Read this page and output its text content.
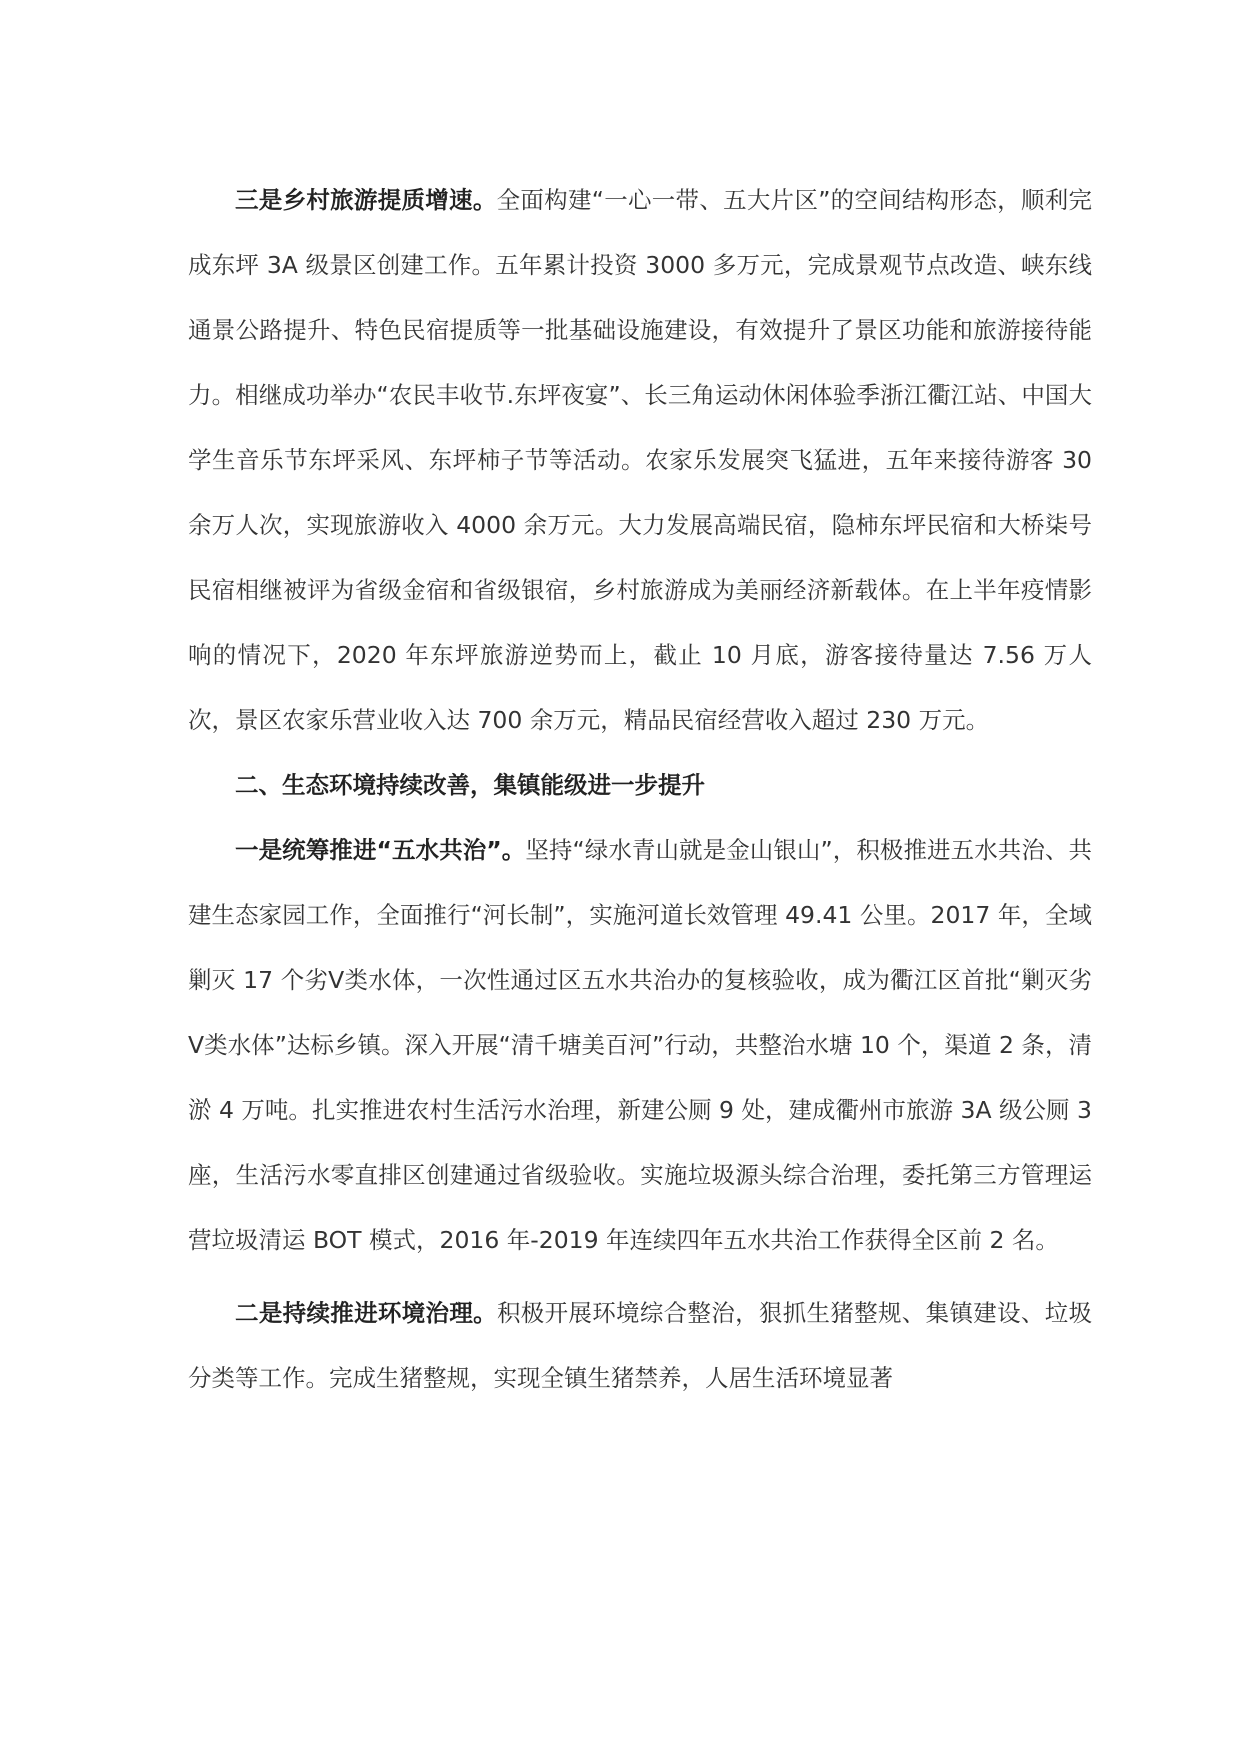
三是乡村旅游提质增速。全面构建“一心一带、五大片区”的空间结构形态，顺利完成东坪 3A 级景区创建工作。五年累计投资 3000 多万元，完成景观节点改造、峡东线通景公路提升、特色民宿提质等一批基础设施建设，有效提升了景区功能和旅游接待能力。相继成功举办“农民丰收节.东坪夜宴”、长三角运动休闲体验季浙江衢江站、中国大学生音乐节东坪采风、东坪柿子节等活动。农家乐发展突飞猛进，五年来接待游客 30 余万人次，实现旅游收入 4000 余万元。大力发展高端民宿，隐柿东坪民宿和大桥柒号民宿相继被评为省级金宿和省级银宿，乡村旅游成为美丽经济新载体。在上半年疫情影响的情况下，2020 年东坪旅游逆势而上，截止 10 月底，游客接待量达 7.56 万人次，景区农家乐营业收入达 700 余万元，精品民宿经营收入超过 230 万元。

二、生态环境持续改善，集镇能级进一步提升

一是统筹推进“五水共治”。坚持“绿水青山就是金山银山”，积极推进五水共治、共建生态家园工作，全面推行“河长制”，实施河道长效管理 49.41 公里。2017 年，全域剿灭 17 个劣Ⅴ类水体，一次性通过区五水共治办的复核验收，成为衢江区首批“剿灭劣Ⅴ类水体”达标乡镇。深入开展“清千塘美百河”行动，共整治水塘 10 个，渠道 2 条，清淤 4 万吨。扎实推进农村生活污水治理，新建公厕 9 处，建成衢州市旅游 3A 级公厕 3 座，生活污水零直排区创建通过省级验收。实施垃圾源头综合治理，委托第三方管理运营垃圾清运 BOT 模式，2016 年-2019 年连续四年五水共治工作获得全区前 2 名。

二是持续推进环境治理。积极开展环境综合整治，狠抓生猪整规、集镇建设、垃圾分类等工作。完成生猪整规，实现全镇生猪禁养，人居生活环境显著
